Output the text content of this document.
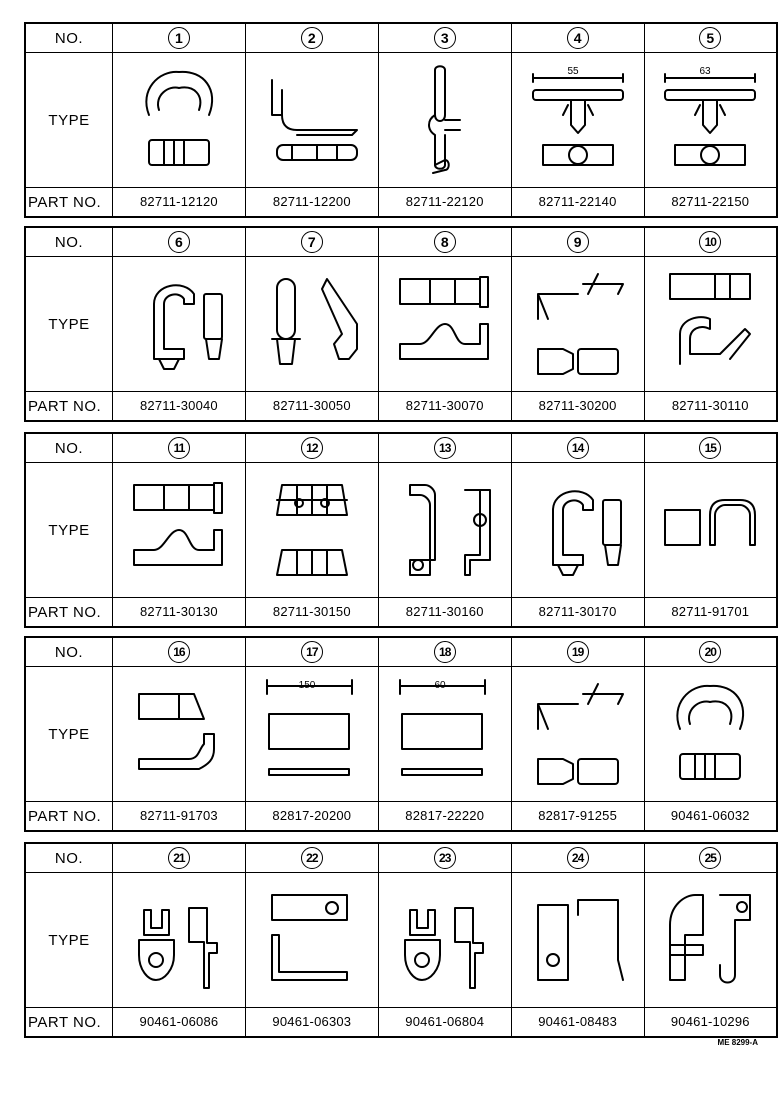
NO.	1	2	3	4	5
TYPE				55	63

PART NO.	82711-12120	82711-12200	82711-22120	82711-22140	82711-22150
NO.	6	7	8	9	10
TYPE	

PART NO.	82711-30040	82711-30050	82711-30070	82711-30200	82711-30110
NO.	11	12	13	14	15
TYPE	

PART NO.	82711-30130	82711-30150	82711-30160	82711-30170	82711-91701
NO.	16	17	18	19	20
TYPE		150	60

PART NO.	82711-91703	82817-20200	82817-22220	82817-91255	90461-06032
NO.	21	22	23	24	25
TYPE	

PART NO.	90461-06086	90461-06303	90461-06804	90461-08483	90461-10296
ME 8299-A
